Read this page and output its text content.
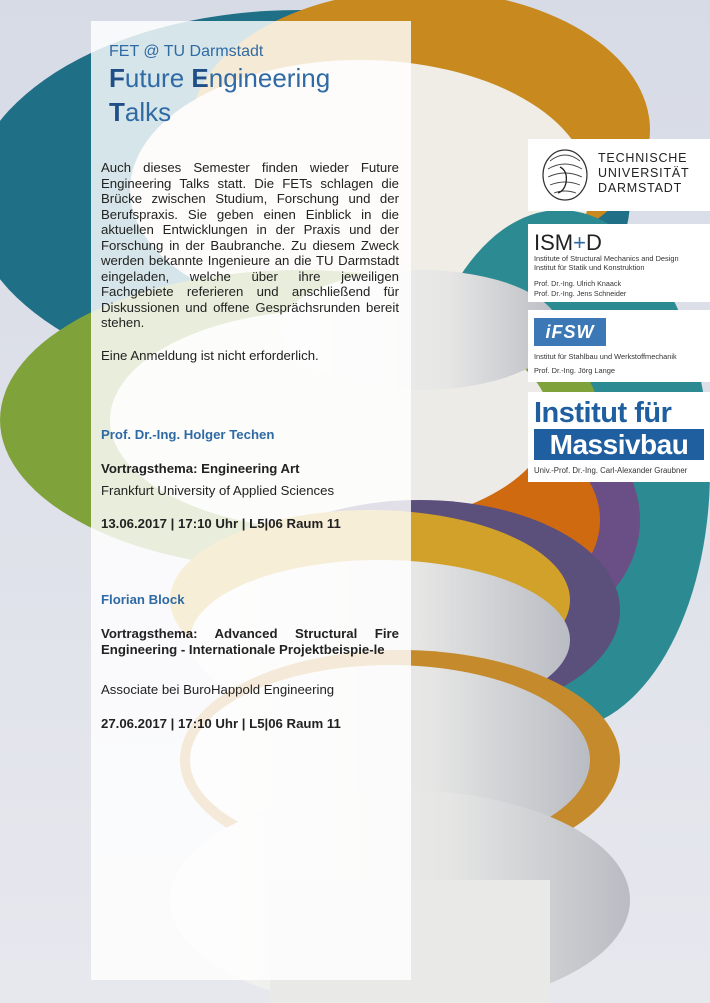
FET @ TU Darmstadt
Future Engineering
Talks

Auch dieses Semester finden wieder Future Engineering Talks statt. Die FETs schlagen die Brücke zwischen Studium, Forschung und der Berufspraxis. Sie geben einen Einblick in die aktuellen Entwicklungen in der Praxis und der Forschung in der Baubranche. Zu diesem Zweck werden bekannte Ingenieure an die TU Darmstadt eingeladen, welche über ihre jeweiligen Fachgebiete referieren und anschließend für Diskussionen und offene Gesprächsrunden bereit stehen.

Eine Anmeldung ist nicht erforderlich.
Prof. Dr.-Ing. Holger Techen
Vortragsthema: Engineering Art
Frankfurt University of Applied Sciences
13.06.2017 | 17:10 Uhr | L5|06 Raum 11
Florian Block
Vortragsthema: Advanced Structural Fire Engineering - Internationale Projektbeispie-le
Associate bei BuroHappold Engineering
27.06.2017 | 17:10 Uhr | L5|06 Raum 11
TECHNISCHE
UNIVERSITÄT
DARMSTADT
ISM+D
Institute of Structural Mechanics and Design
Institut für Statik und Konstruktion
Prof. Dr.-Ing. Ulrich Knaack
Prof. Dr.-Ing. Jens Schneider
iFSW
Institut für Stahlbau und Werkstoffmechanik
Prof. Dr.-Ing. Jörg Lange
Institut für
Massivbau
Univ.-Prof. Dr.-Ing. Carl-Alexander Graubner
